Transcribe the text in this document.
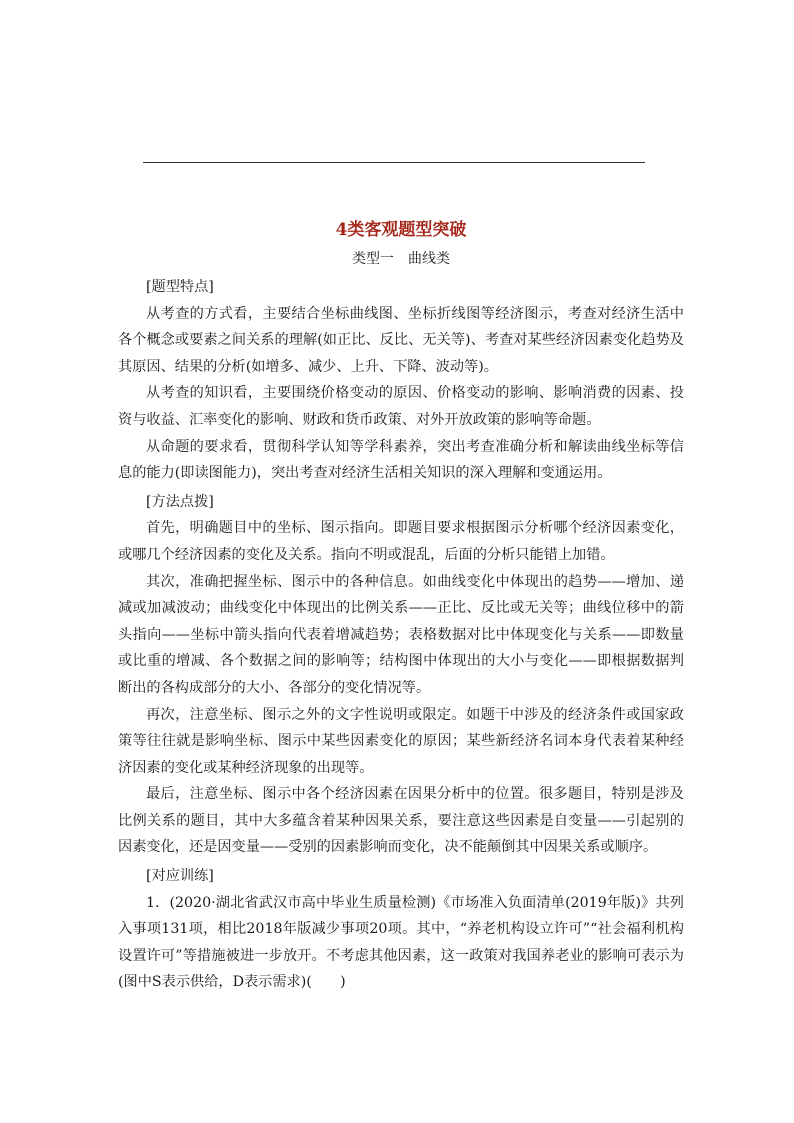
4类客观题型突破
类型一 曲线类

[题型特点]

从考查的方式看，主要结合坐标曲线图、坐标折线图等经济图示，考查对经济生活中各个概念或要素之间关系的理解(如正比、反比、无关等)、考查对某些经济因素变化趋势及其原因、结果的分析(如增多、减少、上升、下降、波动等)。

从考查的知识看，主要围绕价格变动的原因、价格变动的影响、影响消费的因素、投资与收益、汇率变化的影响、财政和货币政策、对外开放政策的影响等命题。

从命题的要求看，贯彻科学认知等学科素养，突出考查准确分析和解读曲线坐标等信息的能力(即读图能力)，突出考查对经济生活相关知识的深入理解和变通运用。

[方法点拨]

首先，明确题目中的坐标、图示指向。即题目要求根据图示分析哪个经济因素变化，或哪几个经济因素的变化及关系。指向不明或混乱，后面的分析只能错上加错。

其次，准确把握坐标、图示中的各种信息。如曲线变化中体现出的趋势——增加、递减或加减波动；曲线变化中体现出的比例关系——正比、反比或无关等；曲线位移中的箭头指向——坐标中箭头指向代表着增减趋势；表格数据对比中体现变化与关系——即数量或比重的增减、各个数据之间的影响等；结构图中体现出的大小与变化——即根据数据判断出的各构成部分的大小、各部分的变化情况等。

再次，注意坐标、图示之外的文字性说明或限定。如题干中涉及的经济条件或国家政策等往往就是影响坐标、图示中某些因素变化的原因；某些新经济名词本身代表着某种经济因素的变化或某种经济现象的出现等。

最后，注意坐标、图示中各个经济因素在因果分析中的位置。很多题目，特别是涉及比例关系的题目，其中大多蕴含着某种因果关系，要注意这些因素是自变量——引起别的因素变化，还是因变量——受别的因素影响而变化，决不能颠倒其中因果关系或顺序。

[对应训练]

1．(2020·湖北省武汉市高中毕业生质量检测)《市场准入负面清单(2019年版)》共列入事项131项，相比2018年版减少事项20项。其中，“养老机构设立许可”“社会福利机构设置许可”等措施被进一步放开。不考虑其他因素，这一政策对我国养老业的影响可表示为(图中S表示供给，D表示需求)(　　)
